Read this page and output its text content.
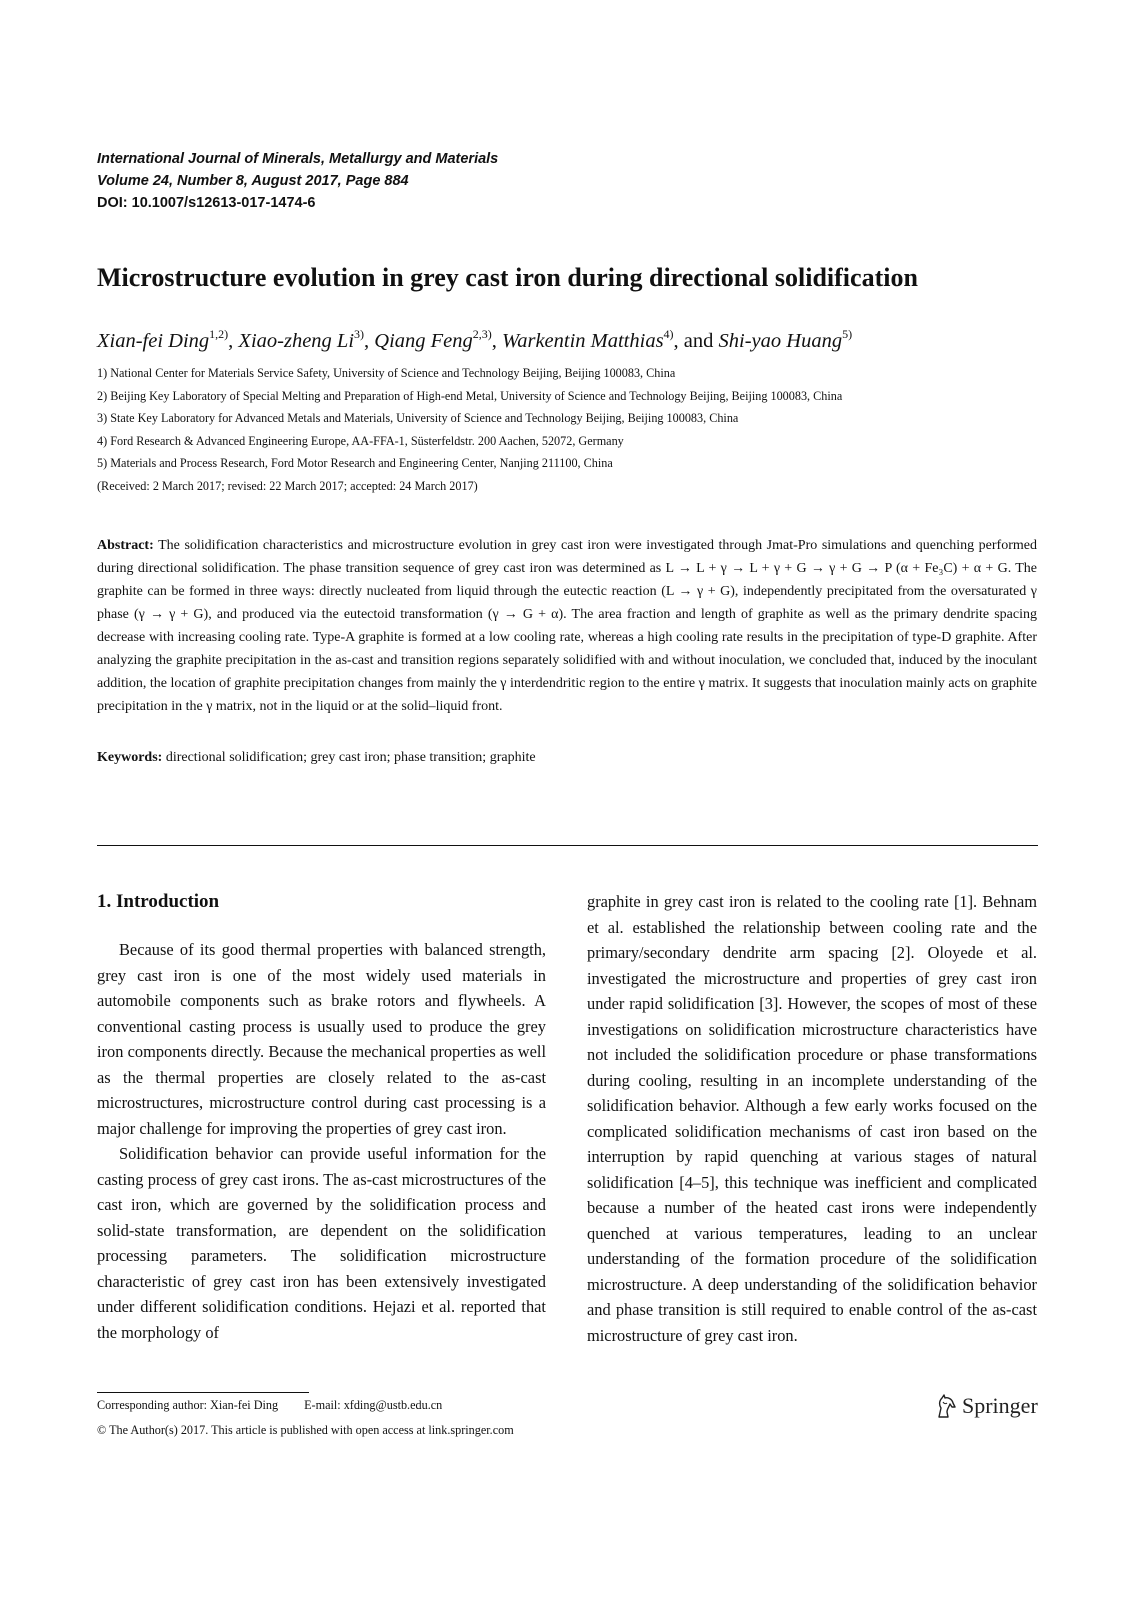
International Journal of Minerals, Metallurgy and Materials
Volume 24, Number 8, August 2017, Page 884
DOI: 10.1007/s12613-017-1474-6
Microstructure evolution in grey cast iron during directional solidification
Xian-fei Ding$^{1,2)}$, Xiao-zheng Li$^{3)}$, Qiang Feng$^{2,3)}$, Warkentin Matthias$^{4)}$, and Shi-yao Huang$^{5)}$
1) National Center for Materials Service Safety, University of Science and Technology Beijing, Beijing 100083, China
2) Beijing Key Laboratory of Special Melting and Preparation of High-end Metal, University of Science and Technology Beijing, Beijing 100083, China
3) State Key Laboratory for Advanced Metals and Materials, University of Science and Technology Beijing, Beijing 100083, China
4) Ford Research & Advanced Engineering Europe, AA-FFA-1, Süsterfeldstr. 200 Aachen, 52072, Germany
5) Materials and Process Research, Ford Motor Research and Engineering Center, Nanjing 211100, China
(Received: 2 March 2017; revised: 22 March 2017; accepted: 24 March 2017)
Abstract: The solidification characteristics and microstructure evolution in grey cast iron were investigated through Jmat-Pro simulations and quenching performed during directional solidification. The phase transition sequence of grey cast iron was determined as L → L + γ → L + γ + G → γ + G → P (α + Fe₃C) + α + G. The graphite can be formed in three ways: directly nucleated from liquid through the eutectic reaction (L → γ + G), independently precipitated from the oversaturated γ phase (γ → γ + G), and produced via the eutectoid transformation (γ → G + α). The area fraction and length of graphite as well as the primary dendrite spacing decrease with increasing cooling rate. Type-A graphite is formed at a low cooling rate, whereas a high cooling rate results in the precipitation of type-D graphite. After analyzing the graphite precipitation in the as-cast and transition regions separately solidified with and without inoculation, we concluded that, induced by the inoculant addition, the location of graphite precipitation changes from mainly the γ interdendritic region to the entire γ matrix. It suggests that inoculation mainly acts on graphite precipitation in the γ matrix, not in the liquid or at the solid–liquid front.
Keywords: directional solidification; grey cast iron; phase transition; graphite
1. Introduction

Because of its good thermal properties with balanced strength, grey cast iron is one of the most widely used materials in automobile components such as brake rotors and flywheels. A conventional casting process is usually used to produce the grey iron components directly. Because the mechanical properties as well as the thermal properties are closely related to the as-cast microstructures, microstructure control during cast processing is a major challenge for improving the properties of grey cast iron.

Solidification behavior can provide useful information for the casting process of grey cast irons. The as-cast microstructures of the cast iron, which are governed by the solidification process and solid-state transformation, are dependent on the solidification processing parameters. The solidification microstructure characteristic of grey cast iron has been extensively investigated under different solidification conditions. Hejazi et al. reported that the morphology of

graphite in grey cast iron is related to the cooling rate [1]. Behnam et al. established the relationship between cooling rate and the primary/secondary dendrite arm spacing [2]. Oloyede et al. investigated the microstructure and properties of grey cast iron under rapid solidification [3]. However, the scopes of most of these investigations on solidification microstructure characteristics have not included the solidification procedure or phase transformations during cooling, resulting in an incomplete understanding of the solidification behavior. Although a few early works focused on the complicated solidification mechanisms of cast iron based on the interruption by rapid quenching at various stages of natural solidification [4–5], this technique was inefficient and complicated because a number of the heated cast irons were independently quenched at various temperatures, leading to an unclear understanding of the formation procedure of the solidification microstructure. A deep understanding of the solidification behavior and phase transition is still required to enable control of the as-cast microstructure of grey cast iron.

Corresponding author: Xian-fei Ding E-mail: xfding@ustb.edu.cn
© The Author(s) 2017. This article is published with open access at link.springer.com
Springer
